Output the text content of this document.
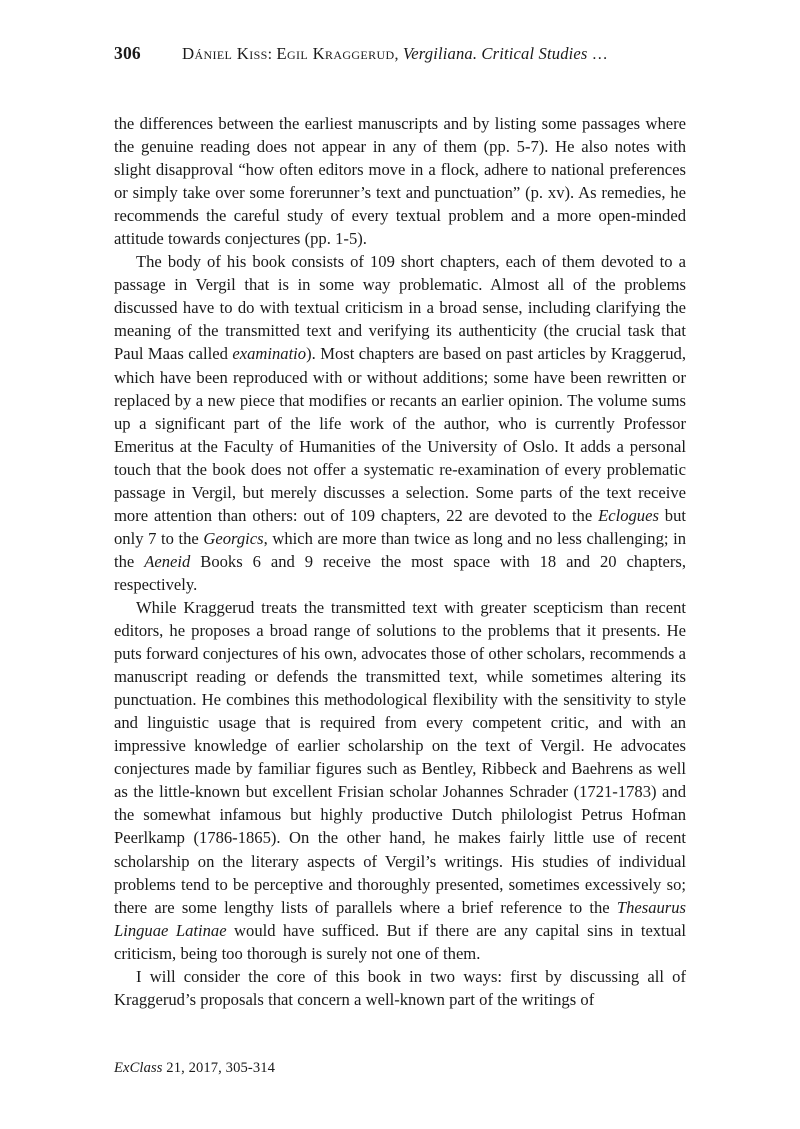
306	Dániel Kiss: Egil Kraggerud, Vergiliana. Critical Studies …

the differences between the earliest manuscripts and by listing some passages where the genuine reading does not appear in any of them (pp. 5-7). He also notes with slight disapproval “how often editors move in a flock, adhere to national preferences or simply take over some forerunner’s text and punctuation” (p. xv). As remedies, he recommends the careful study of every textual problem and a more open-minded attitude towards conjectures (pp. 1-5).

The body of his book consists of 109 short chapters, each of them devoted to a passage in Vergil that is in some way problematic. Almost all of the problems discussed have to do with textual criticism in a broad sense, including clarifying the meaning of the transmitted text and verifying its authenticity (the crucial task that Paul Maas called examinatio). Most chapters are based on past articles by Kraggerud, which have been reproduced with or without additions; some have been rewritten or replaced by a new piece that modifies or recants an earlier opinion. The volume sums up a significant part of the life work of the author, who is currently Professor Emeritus at the Faculty of Humanities of the University of Oslo. It adds a personal touch that the book does not offer a systematic re-examination of every problematic passage in Vergil, but merely discusses a selection. Some parts of the text receive more attention than others: out of 109 chapters, 22 are devoted to the Eclogues but only 7 to the Georgics, which are more than twice as long and no less challenging; in the Aeneid Books 6 and 9 receive the most space with 18 and 20 chapters, respectively.

While Kraggerud treats the transmitted text with greater scepticism than recent editors, he proposes a broad range of solutions to the problems that it presents. He puts forward conjectures of his own, advocates those of other scholars, recommends a manuscript reading or defends the transmitted text, while sometimes altering its punctuation. He combines this methodological flexibility with the sensitivity to style and linguistic usage that is required from every competent critic, and with an impressive knowledge of earlier scholarship on the text of Vergil. He advocates conjectures made by familiar figures such as Bentley, Ribbeck and Baehrens as well as the little-known but excellent Frisian scholar Johannes Schrader (1721-1783) and the somewhat infamous but highly productive Dutch philologist Petrus Hofman Peerlkamp (1786-1865). On the other hand, he makes fairly little use of recent scholarship on the literary aspects of Vergil’s writings. His studies of individual problems tend to be perceptive and thoroughly presented, sometimes excessively so; there are some lengthy lists of parallels where a brief reference to the Thesaurus Linguae Latinae would have sufficed. But if there are any capital sins in textual criticism, being too thorough is surely not one of them.

I will consider the core of this book in two ways: first by discussing all of Kraggerud’s proposals that concern a well-known part of the writings of

ExClass 21, 2017, 305-314
